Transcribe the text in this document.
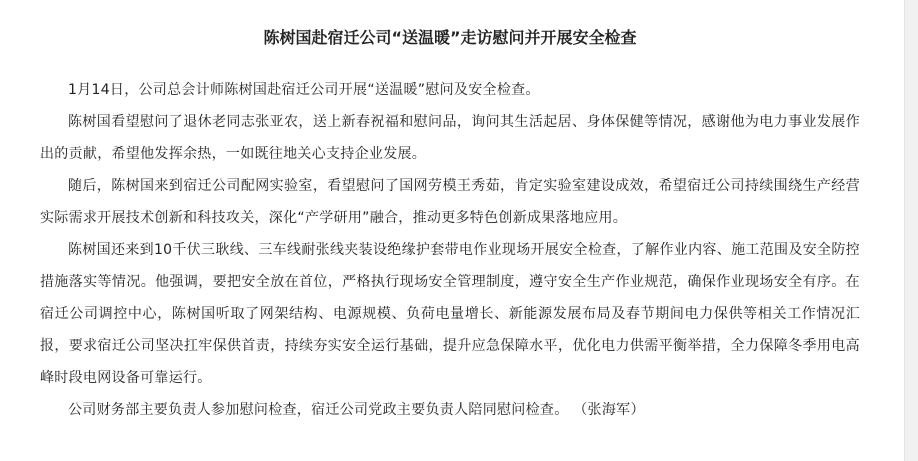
陈树国赴宿迁公司“送温暖”走访慰问并开展安全检查

1月14日，公司总会计师陈树国赴宿迁公司开展“送温暖”慰问及安全检查。

陈树国看望慰问了退休老同志张亚农，送上新春祝福和慰问品，询问其生活起居、身体保健等情况，感谢他为电力事业发展作出的贡献，希望他发挥余热，一如既往地关心支持企业发展。

随后，陈树国来到宿迁公司配网实验室，看望慰问了国网劳模王秀茹，肯定实验室建设成效，希望宿迁公司持续围绕生产经营实际需求开展技术创新和科技攻关，深化“产学研用”融合，推动更多特色创新成果落地应用。

陈树国还来到10千伏三耿线、三车线耐张线夹装设绝缘护套带电作业现场开展安全检查，了解作业内容、施工范围及安全防控措施落实等情况。他强调，要把安全放在首位，严格执行现场安全管理制度，遵守安全生产作业规范，确保作业现场安全有序。在宿迁公司调控中心，陈树国听取了网架结构、电源规模、负荷电量增长、新能源发展布局及春节期间电力保供等相关工作情况汇报，要求宿迁公司坚决扛牢保供首责，持续夯实安全运行基础，提升应急保障水平，优化电力供需平衡举措，全力保障冬季用电高峰时段电网设备可靠运行。

公司财务部主要负责人参加慰问检查，宿迁公司党政主要负责人陪同慰问检查。 （张海军）
